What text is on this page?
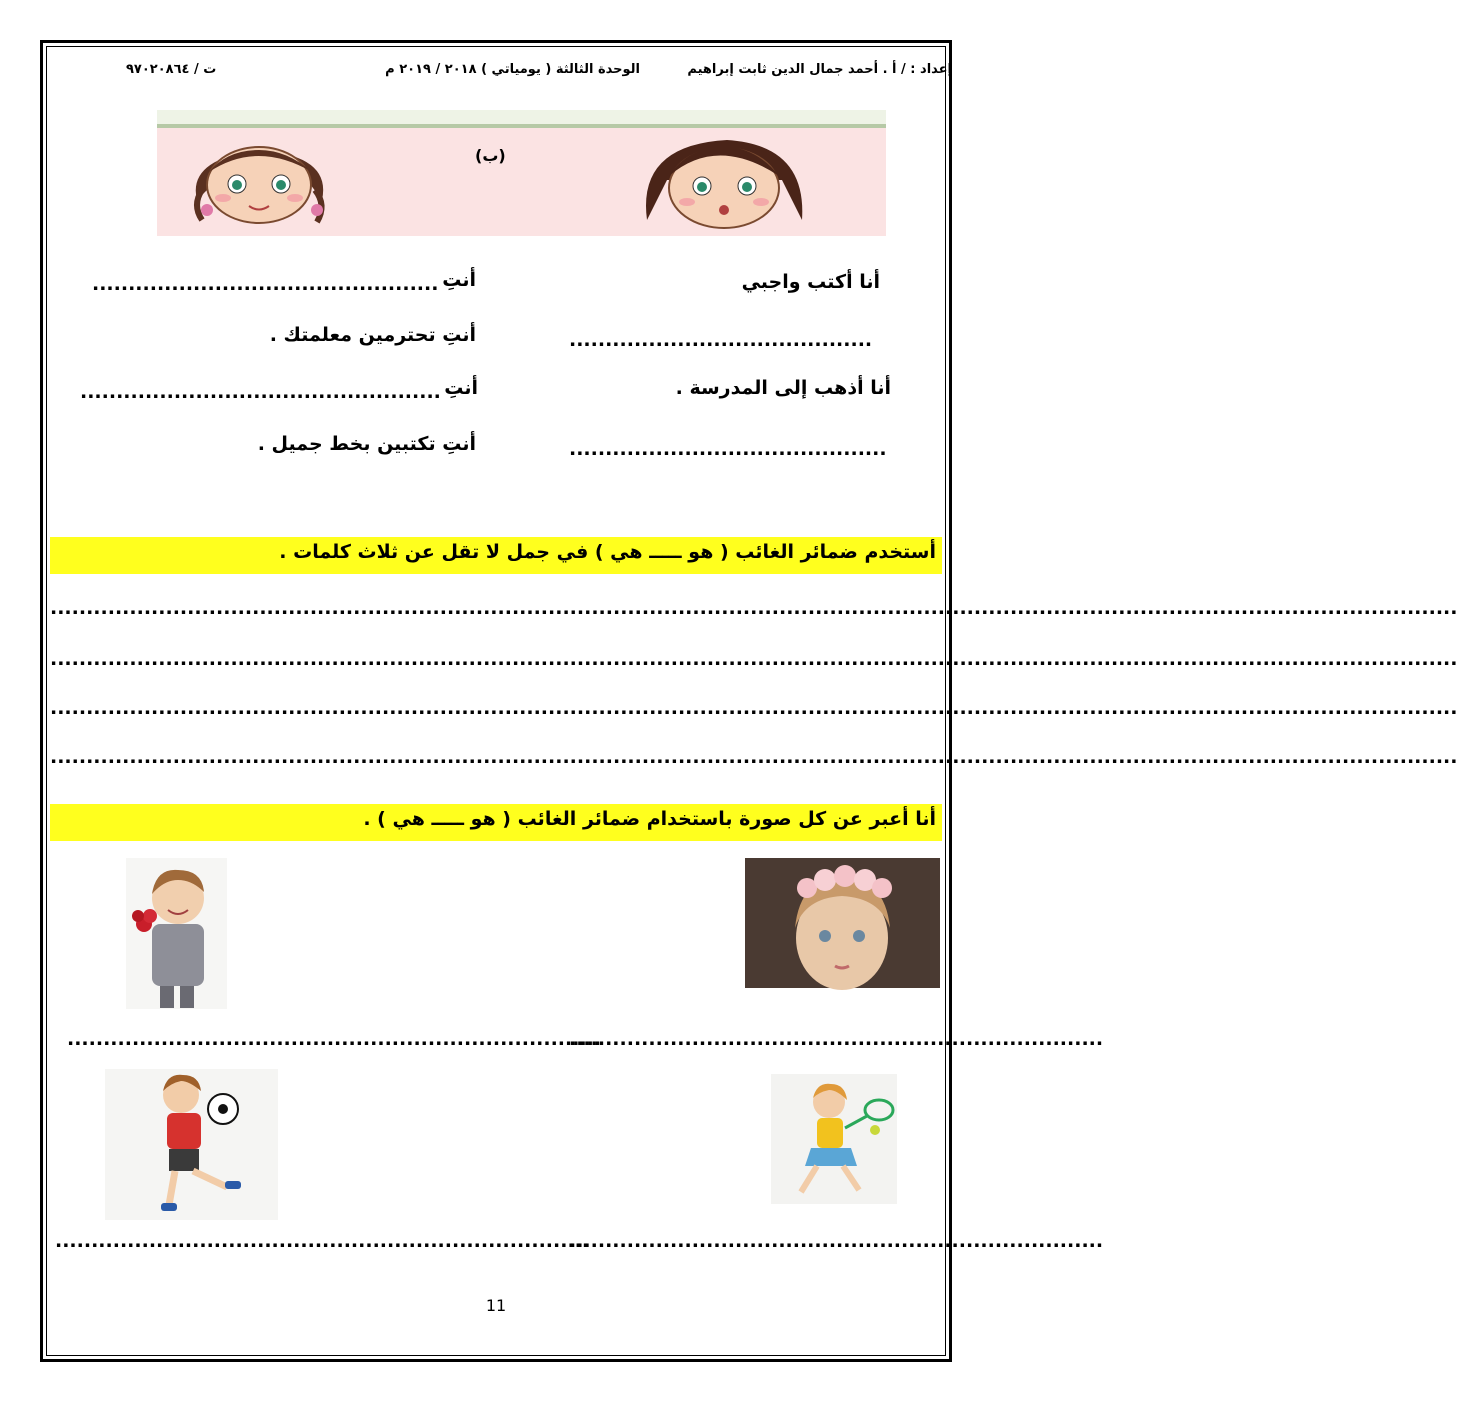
إعداد : / أ . أحمد جمال الدين ثابت إبراهيم
الوحدة الثالثة ( يومياتي ) ٢٠١٨ / ٢٠١٩ م
ت / ٩٧٠٢٠٨٦٤
(ب)
أنا أكتب واجبي
أنتِ
................................................
..........................................
أنتِ تحترمين معلمتك .
أنا أذهب إلى المدرسة .
أنتِ
..................................................
............................................
أنتِ تكتبين بخط جميل .
أستخدم ضمائر الغائب ( هو ـــــ هي ) في جمل لا تقل عن ثلاث كلمات .
...................................................................................................................................................................................................
...................................................................................................................................................................................................
...................................................................................................................................................................................................
...................................................................................................................................................................................................
أنا أعبر عن كل صورة باستخدام ضمائر الغائب ( هو ـــــ هي ) .
..........................................................................
..........................................................................
..........................................................................
..........................................................................
11
